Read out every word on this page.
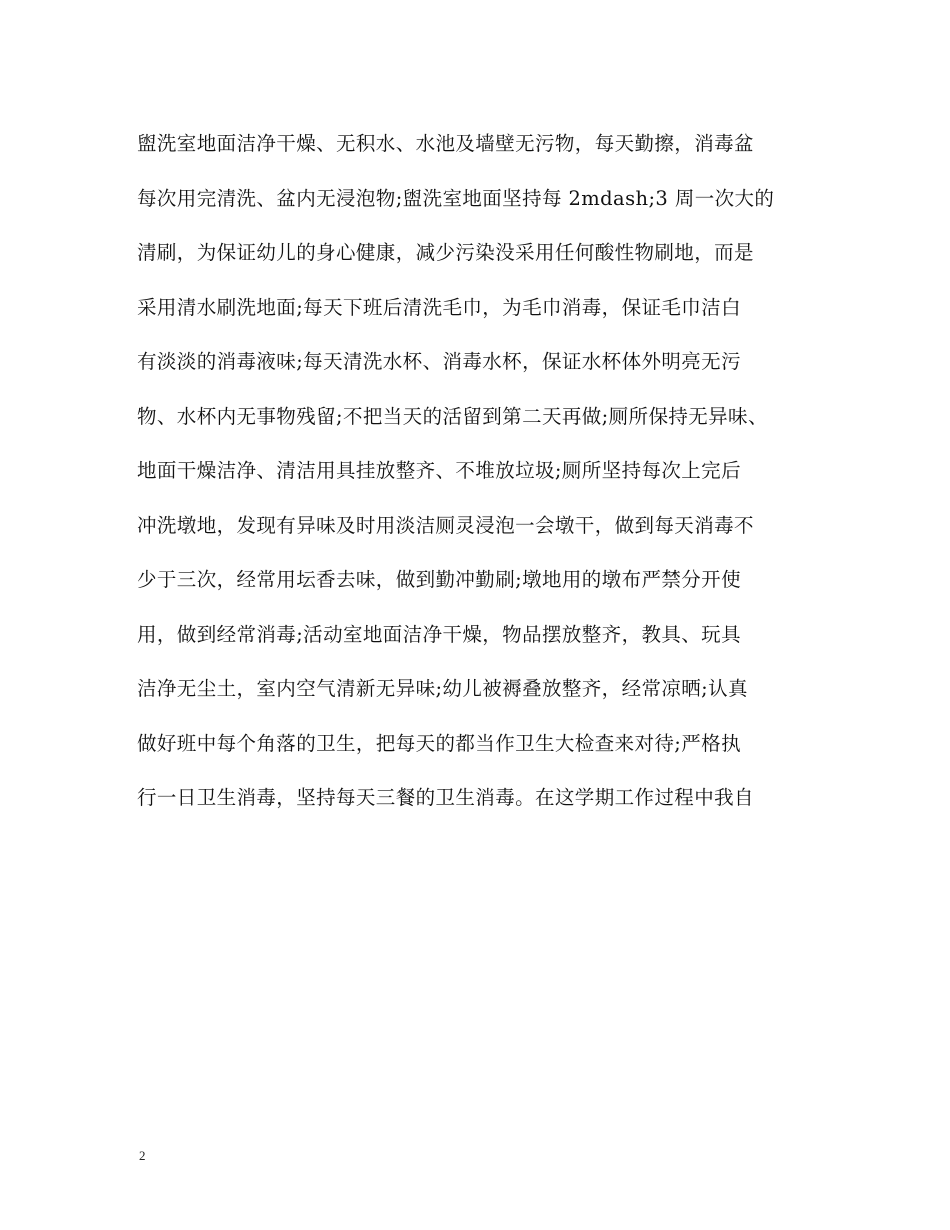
盥洗室地面洁净干燥、无积水、水池及墙壁无污物，每天勤擦，消毒盆
每次用完清洗、盆内无浸泡物;盥洗室地面坚持每 2mdash;3 周一次大的
清刷，为保证幼儿的身心健康，减少污染没采用任何酸性物刷地，而是
采用清水刷洗地面;每天下班后清洗毛巾，为毛巾消毒，保证毛巾洁白
有淡淡的消毒液味;每天清洗水杯、消毒水杯，保证水杯体外明亮无污
物、水杯内无事物残留;不把当天的活留到第二天再做;厕所保持无异味、
地面干燥洁净、清洁用具挂放整齐、不堆放垃圾;厕所坚持每次上完后
冲洗墩地，发现有异味及时用淡洁厕灵浸泡一会墩干，做到每天消毒不
少于三次，经常用坛香去味，做到勤冲勤刷;墩地用的墩布严禁分开使
用，做到经常消毒;活动室地面洁净干燥，物品摆放整齐，教具、玩具
洁净无尘土，室内空气清新无异味;幼儿被褥叠放整齐，经常凉晒;认真
做好班中每个角落的卫生，把每天的都当作卫生大检查来对待;严格执
行一日卫生消毒，坚持每天三餐的卫生消毒。在这学期工作过程中我自
2
